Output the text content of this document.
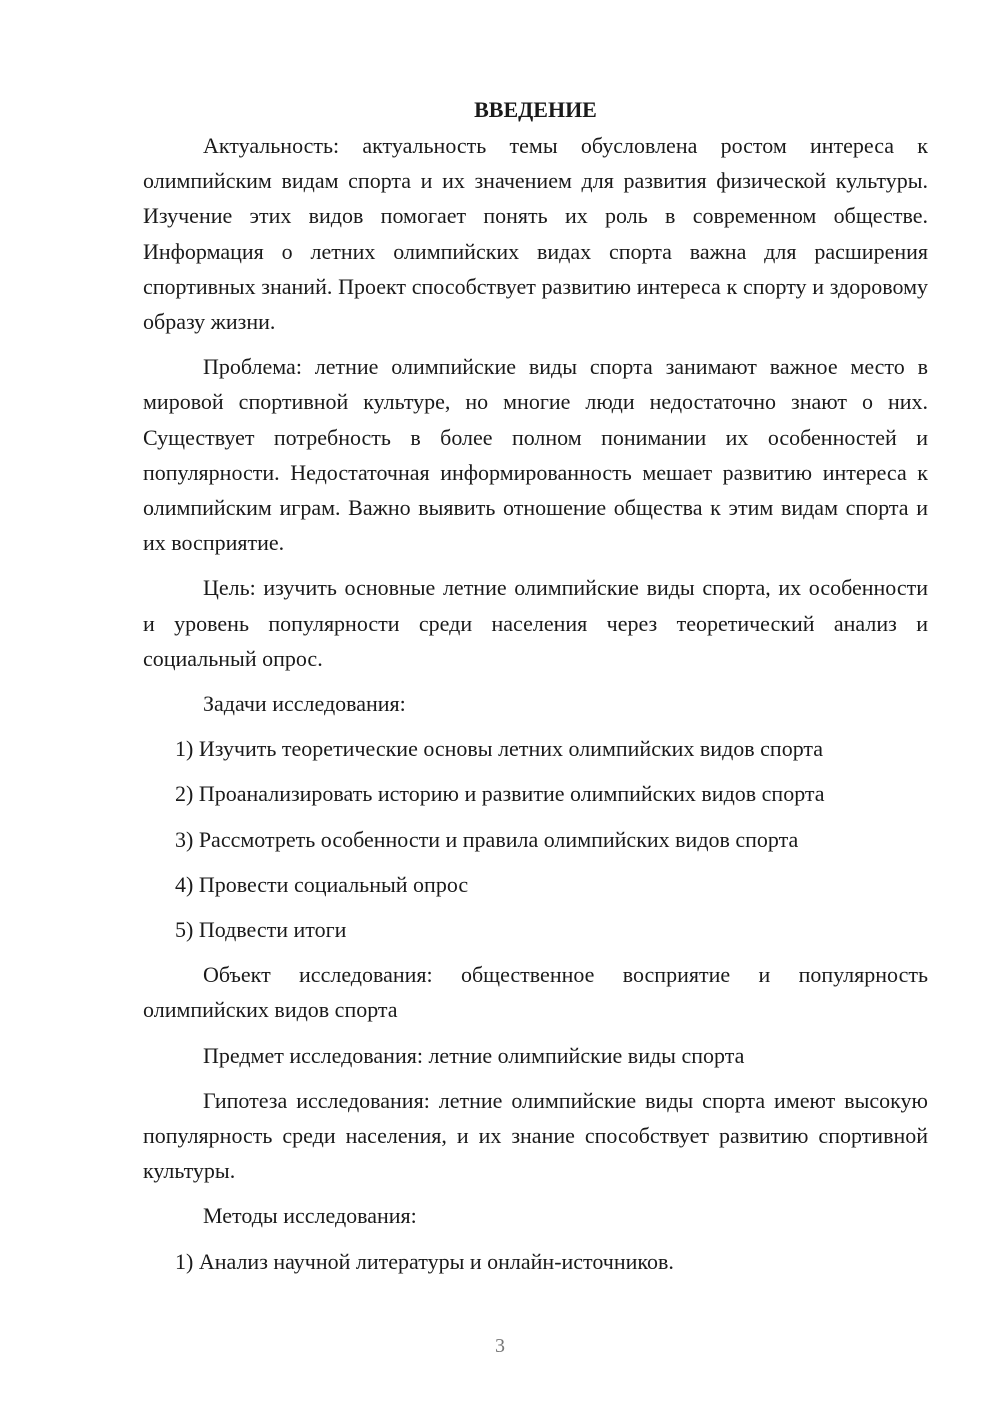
ВВЕДЕНИЕ

Актуальность: актуальность темы обусловлена ростом интереса к олимпийским видам спорта и их значением для развития физической культуры. Изучение этих видов помогает понять их роль в современном обществе. Информация о летних олимпийских видах спорта важна для расширения спортивных знаний. Проект способствует развитию интереса к спорту и здоровому образу жизни.

Проблема: летние олимпийские виды спорта занимают важное место в мировой спортивной культуре, но многие люди недостаточно знают о них. Существует потребность в более полном понимании их особенностей и популярности. Недостаточная информированность мешает развитию интереса к олимпийским играм. Важно выявить отношение общества к этим видам спорта и их восприятие.

Цель: изучить основные летние олимпийские виды спорта, их особенности и уровень популярности среди населения через теоретический анализ и социальный опрос.

Задачи исследования:
1) Изучить теоретические основы летних олимпийских видов спорта
2) Проанализировать историю и развитие олимпийских видов спорта
3) Рассмотреть особенности и правила олимпийских видов спорта
4) Провести социальный опрос
5) Подвести итоги

Объект исследования: общественное восприятие и популярность олимпийских видов спорта

Предмет исследования: летние олимпийские виды спорта

Гипотеза исследования: летние олимпийские виды спорта имеют высокую популярность среди населения, и их знание способствует развитию спортивной культуры.

Методы исследования:
1) Анализ научной литературы и онлайн-источников.
3
